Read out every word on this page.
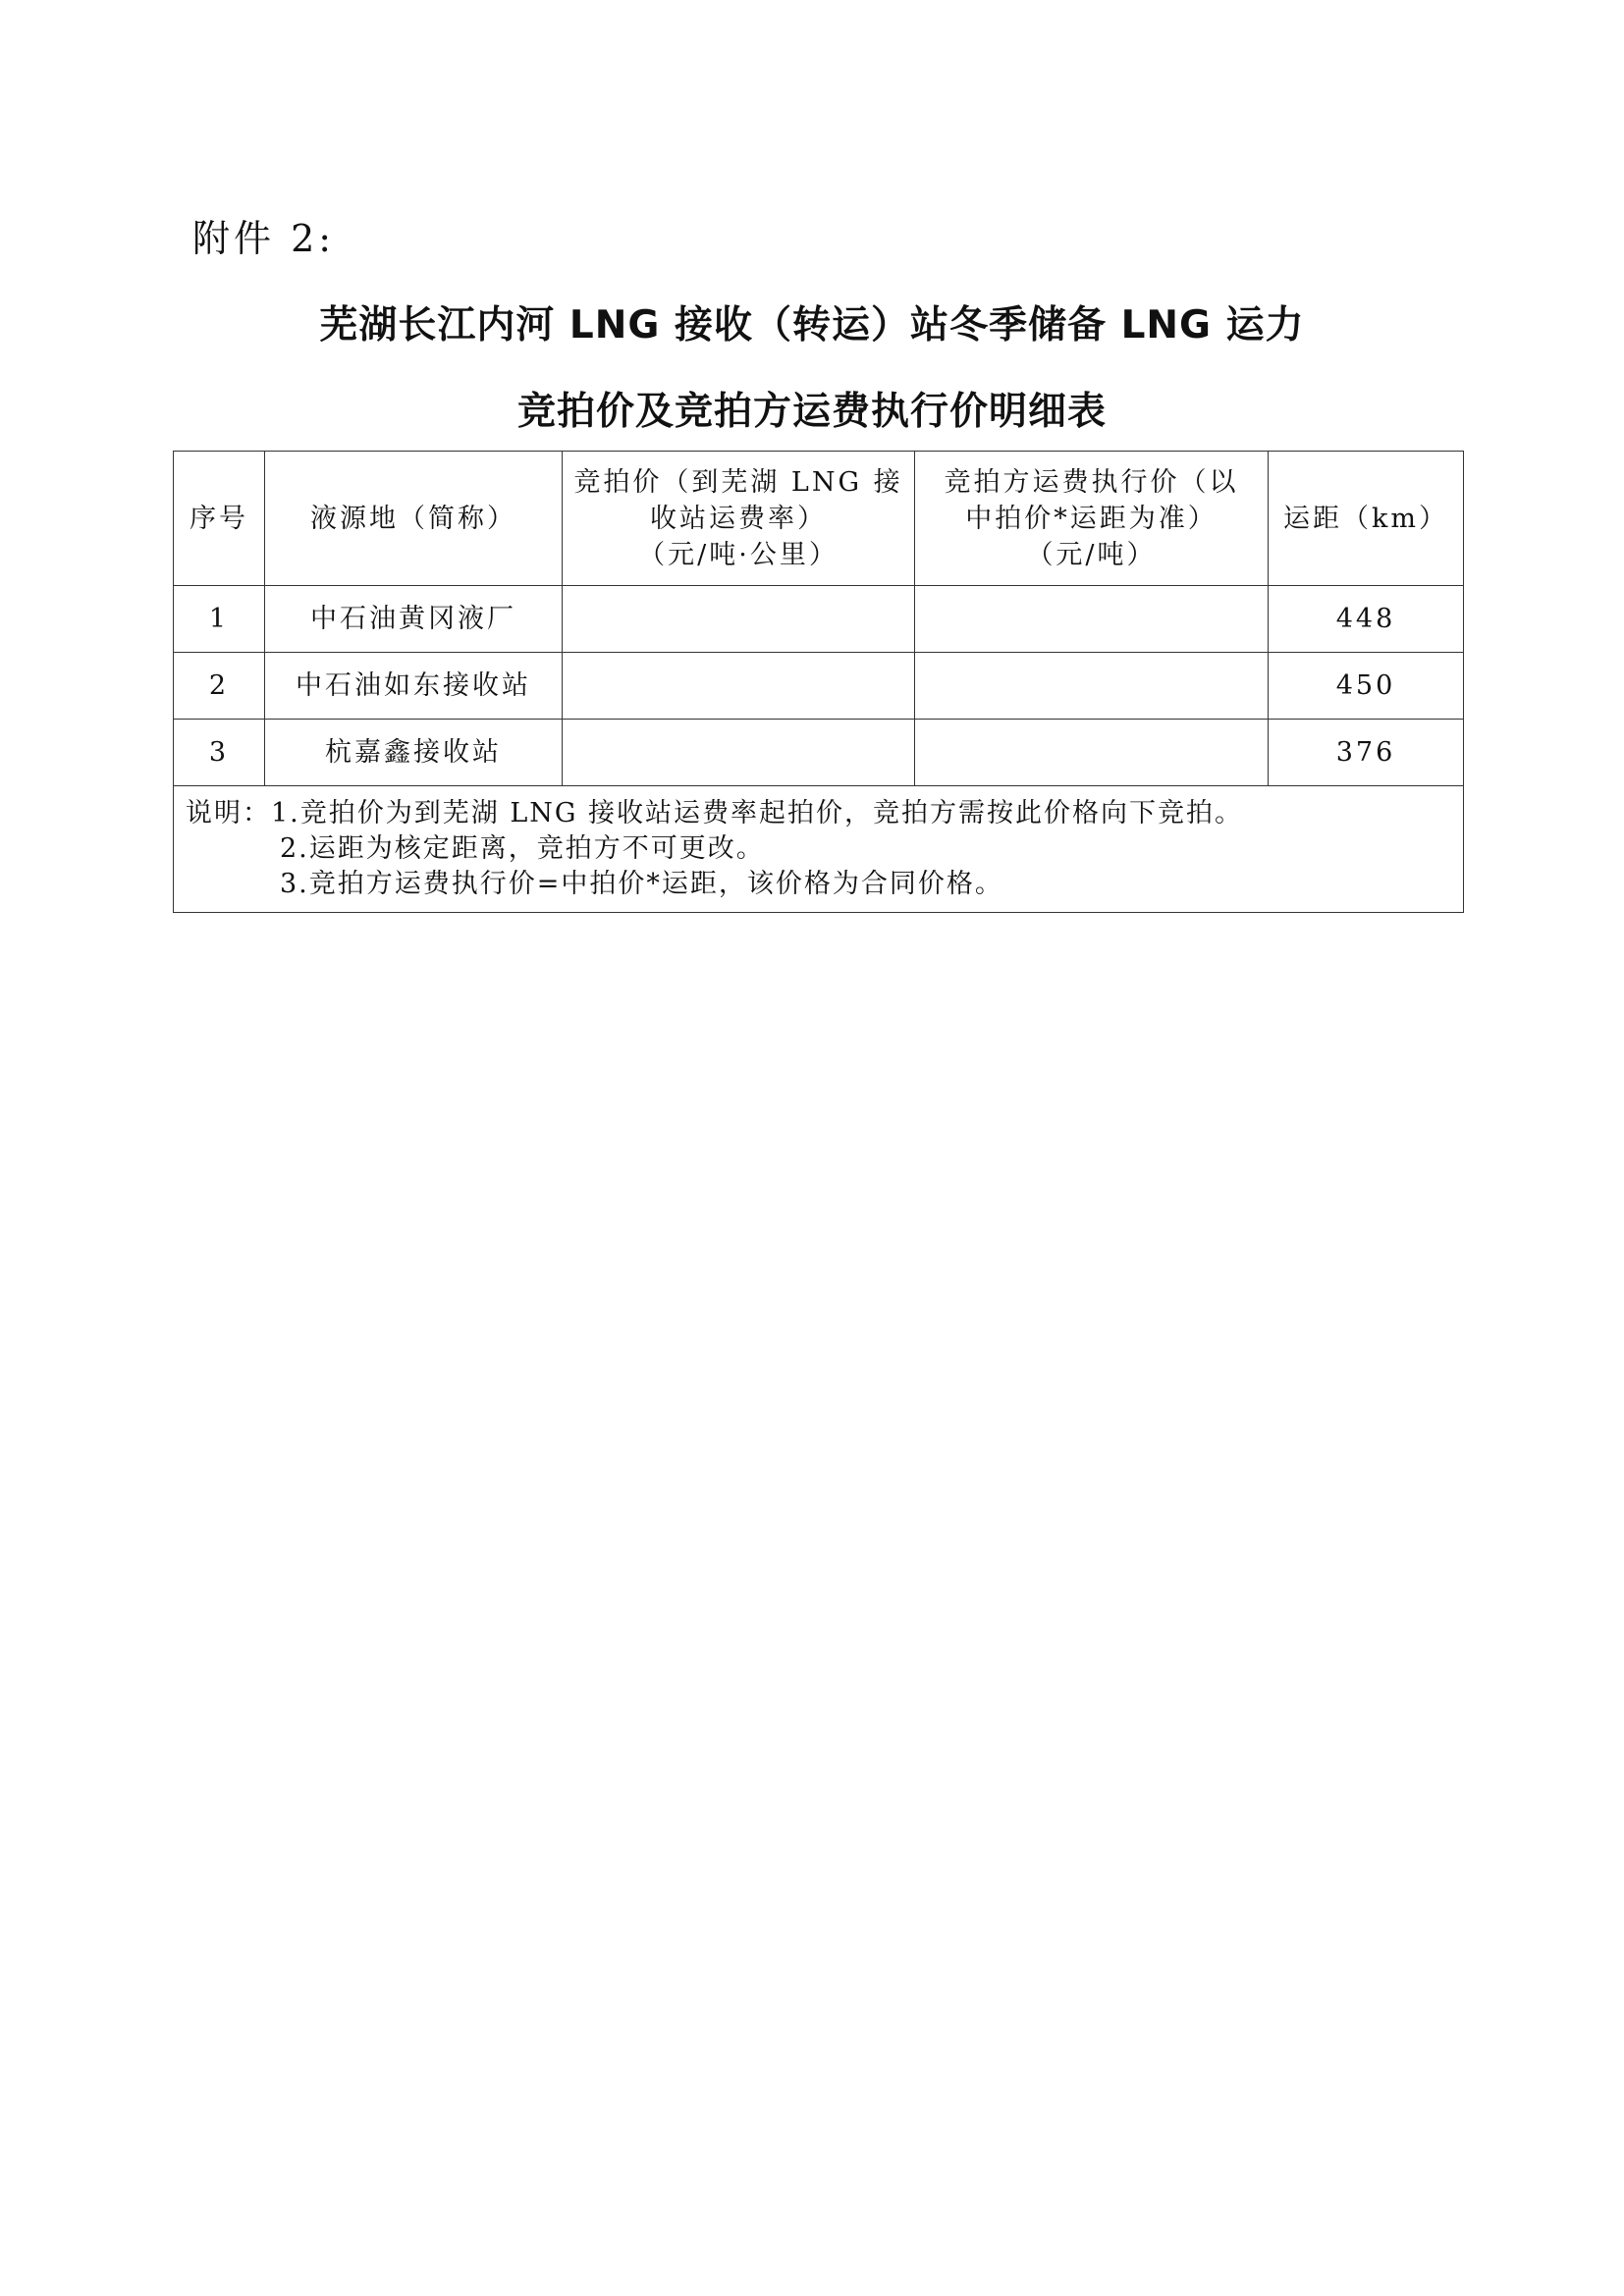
附件 2:
芜湖长江内河 LNG 接收（转运）站冬季储备 LNG 运力
竞拍价及竞拍方运费执行价明细表
序号	液源地（简称）	竞拍价（到芜湖 LNG 接
收站运费率）
（元/吨·公里）	竞拍方运费执行价（以
中拍价*运距为准）
（元/吨）	运距（km）
1	中石油黄冈液厂			448
2	中石油如东接收站			450
3	杭嘉鑫接收站			376

说明：1.竞拍价为到芜湖 LNG 接收站运费率起拍价，竞拍方需按此价格向下竞拍。
2.运距为核定距离，竞拍方不可更改。
3.竞拍方运费执行价=中拍价*运距，该价格为合同价格。				
